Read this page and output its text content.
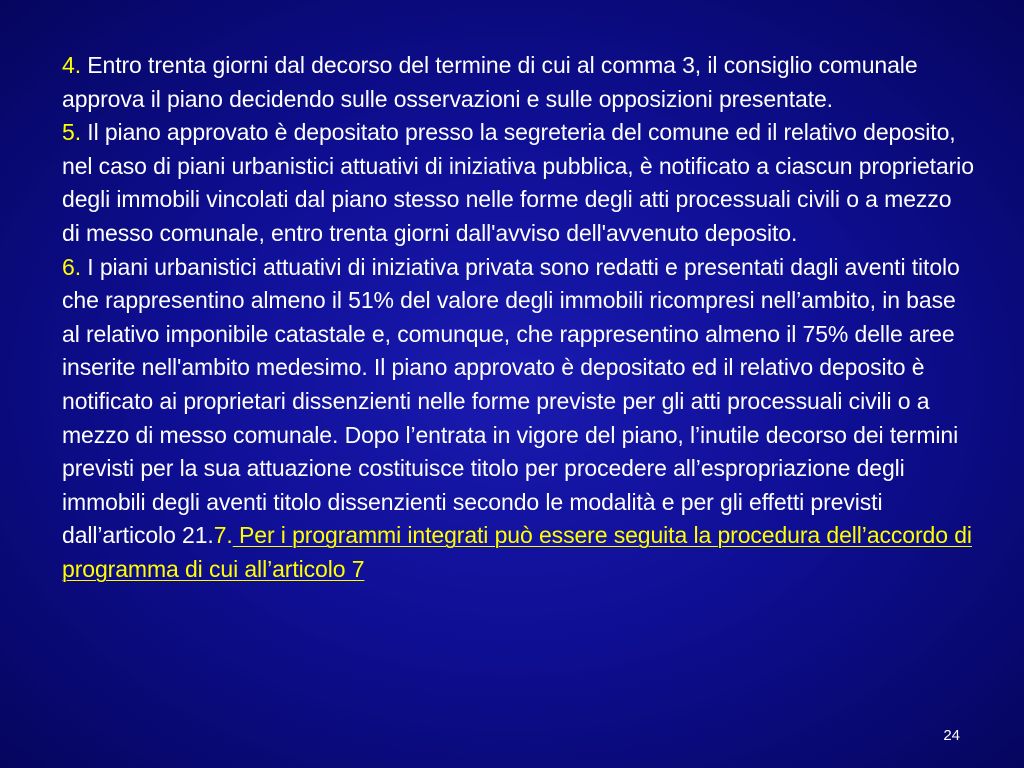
4. Entro trenta giorni dal decorso del termine di cui al comma 3, il consiglio comunale approva il piano decidendo sulle osservazioni e sulle opposizioni presentate.

5. Il piano approvato è depositato presso la segreteria del comune ed il relativo deposito, nel caso di piani urbanistici attuativi di iniziativa pubblica, è notificato a ciascun proprietario degli immobili vincolati dal piano stesso nelle forme degli atti processuali civili o a mezzo di messo comunale, entro trenta giorni dall'avviso dell'avvenuto deposito.

6. I piani urbanistici attuativi di iniziativa privata sono redatti e presentati dagli aventi titolo che rappresentino almeno il 51% del valore degli immobili ricompresi nell’ambito, in base al relativo imponibile catastale e, comunque, che rappresentino almeno il 75% delle aree inserite nell'ambito medesimo. Il piano approvato è depositato ed il relativo deposito è notificato ai proprietari dissenzienti nelle forme previste per gli atti processuali civili o a mezzo di messo comunale. Dopo l’entrata in vigore del piano, l’inutile decorso dei termini previsti per la sua attuazione costituisce titolo per procedere all’espropriazione degli immobili degli aventi titolo dissenzienti secondo le modalità e per gli effetti previsti dall’articolo 21.7. Per i programmi integrati può essere seguita la procedura dell’accordo di programma di cui all’articolo 7

24
